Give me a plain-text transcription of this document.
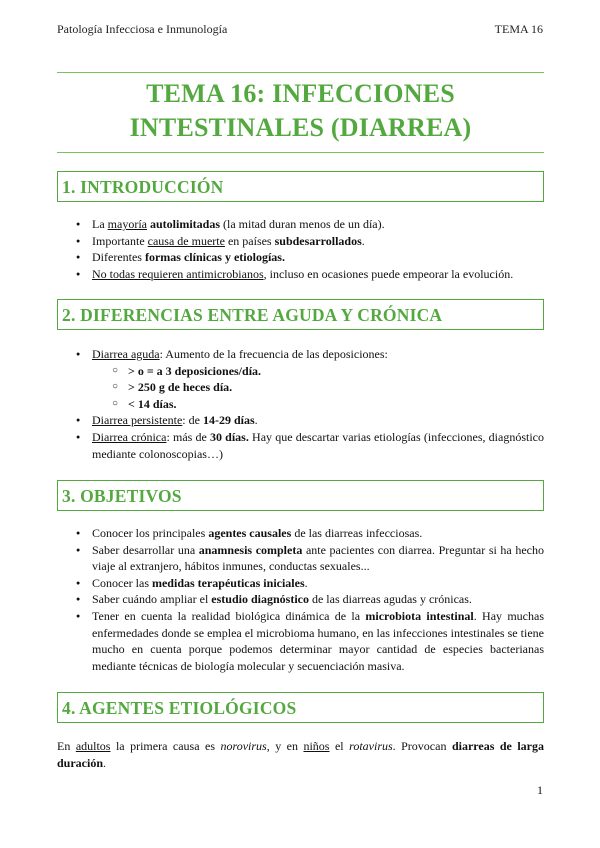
Patología Infecciosa e Inmunología	TEMA 16
TEMA 16: INFECCIONES
INTESTINALES (DIARREA)
1. INTRODUCCIÓN
● La mayoría autolimitadas (la mitad duran menos de un día).
● Importante causa de muerte en países subdesarrollados.
● Diferentes formas clínicas y etiologías.
● No todas requieren antimicrobianos, incluso en ocasiones puede empeorar la evolución.
2. DIFERENCIAS ENTRE AGUDA Y CRÓNICA
● Diarrea aguda: Aumento de la frecuencia de las deposiciones:
○ > o = a 3 deposiciones/día.
○ > 250 g de heces día.
○ < 14 días.
● Diarrea persistente: de 14-29 días.
● Diarrea crónica: más de 30 días. Hay que descartar varias etiologías (infecciones, diagnóstico mediante colonoscopias…)
3. OBJETIVOS
● Conocer los principales agentes causales de las diarreas infecciosas.
● Saber desarrollar una anamnesis completa ante pacientes con diarrea. Preguntar si ha hecho viaje al extranjero, hábitos inmunes, conductas sexuales...
● Conocer las medidas terapéuticas iniciales.
● Saber cuándo ampliar el estudio diagnóstico de las diarreas agudas y crónicas.
● Tener en cuenta la realidad biológica dinámica de la microbiota intestinal. Hay muchas enfermedades donde se emplea el microbioma humano, en las infecciones intestinales se tiene mucho en cuenta porque podemos determinar mayor cantidad de especies bacterianas mediante técnicas de biología molecular y secuenciación masiva.
4. AGENTES ETIOLÓGICOS

En adultos la primera causa es norovirus, y en niños el rotavirus. Provocan diarreas de larga duración.

1
